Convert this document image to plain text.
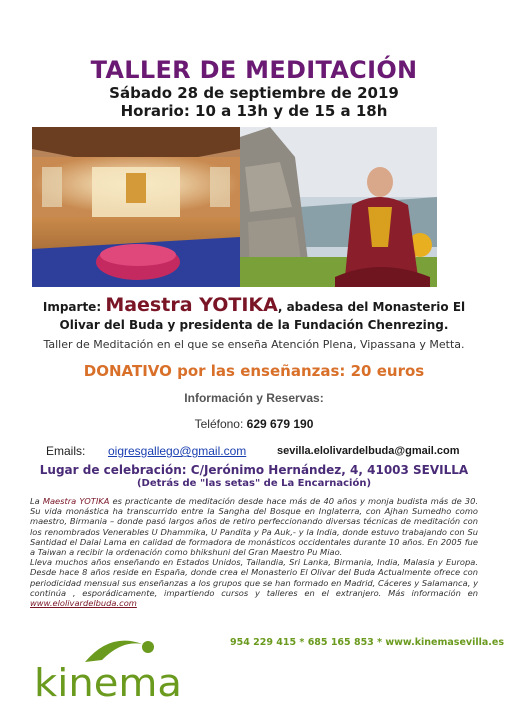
TALLER DE MEDITACIÓN
Sábado 28 de septiembre de 2019
Horario: 10 a 13h y de 15 a 18h
Imparte: Maestra YOTIKA, abadesa del Monasterio El
Olivar del Buda y presidenta de la Fundación Chenrezing.
Taller de Meditación en el que se enseña Atención Plena, Vipassana y Metta.
DONATIVO por las enseñanzas: 20 euros
Información y Reservas:
Teléfono: 629 679 190
Emails: oigresgallego@gmail.com	sevilla.elolivardelbuda@gmail.com
Lugar de celebración: C/Jerónimo Hernández, 4, 41003 SEVILLA
(Detrás de "las setas" de La Encarnación)
La Maestra YOTIKA es practicante de meditación desde hace más de 40 años y monja budista más de 30. Su vida monástica ha transcurrido entre la Sangha del Bosque en Inglaterra, con Ajhan Sumedho como maestro, Birmania – donde pasó largos años de retiro perfeccionando diversas técnicas de meditación con los renombrados Venerables U Dhammika, U Pandita y Pa Auk,- y la India, donde estuvo trabajando con Su Santidad el Dalai Lama en calidad de formadora de monásticos occidentales durante 10 años. En 2005 fue a Taiwan a recibir la ordenación como bhikshuni del Gran Maestro Pu Miao.
Lleva muchos años enseñando en Estados Unidos, Tailandia, Sri Lanka, Birmania, India, Malasia y Europa. Desde hace 8 años reside en España, donde crea el Monasterio El Olivar del Buda Actualmente ofrece con periodicidad mensual sus enseñanzas a los grupos que se han formado en Madrid, Cáceres y Salamanca, y continúa , esporádicamente, impartiendo cursos y talleres en el extranjero. Más información en www.elolivardelbuda.com
954 229 415 * 685 165 853 * www.kinemasevilla.es
kinema
